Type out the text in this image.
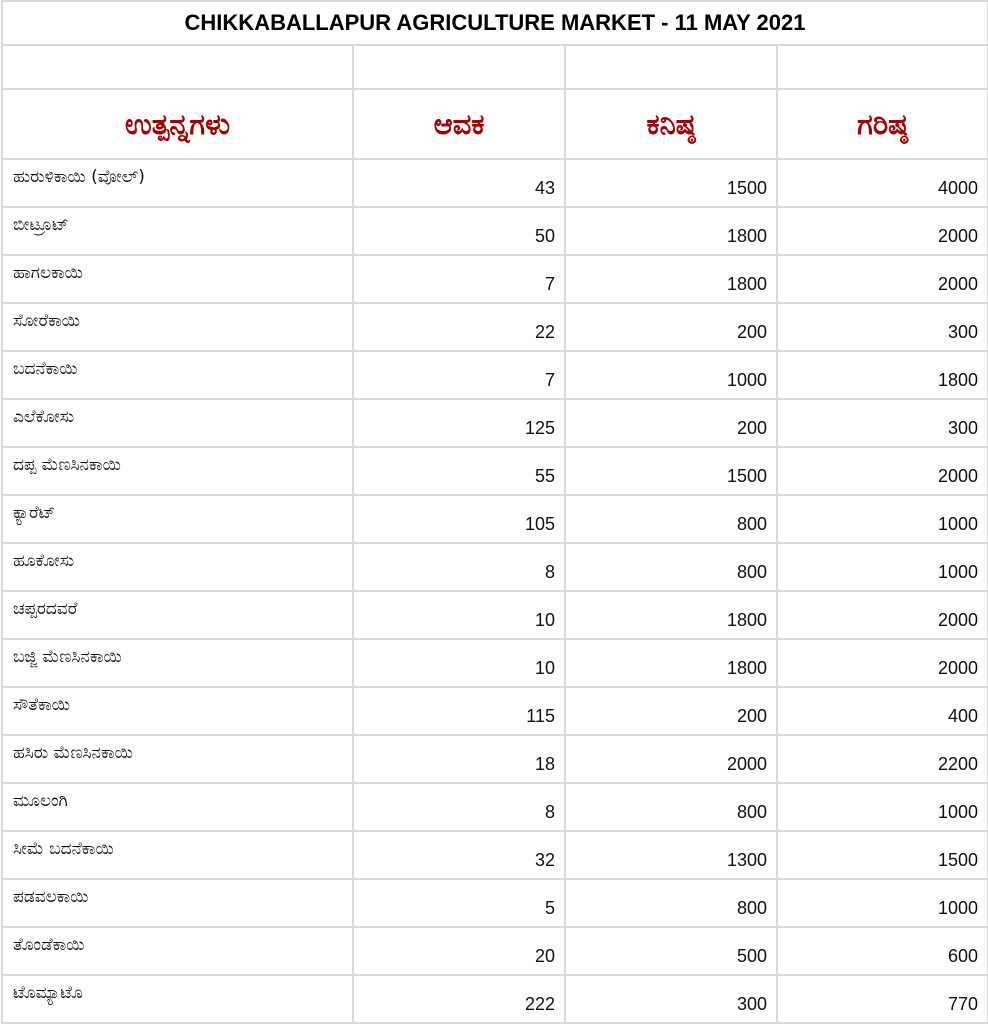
CHIKKABALLAPUR AGRICULTURE MARKET - 11 MAY 2021			

ಉತ್ಪನ್ನಗಳು	ಆವಕ	ಕನಿಷ್ಠ	ಗರಿಷ್ಠ
ಹುರುಳಿಕಾಯಿ (ವೋಲ್)	43	1500	4000
ಬೀಟ್ರೂಟ್	50	1800	2000
ಹಾಗಲಕಾಯಿ	7	1800	2000
ಸೋರೆಕಾಯಿ	22	200	300
ಬದನೆಕಾಯಿ	7	1000	1800
ಎಲೆಕೋಸು	125	200	300
ದಪ್ಪ ಮೆಣಸಿನಕಾಯಿ	55	1500	2000
ಕ್ಯಾರೆಟ್	105	800	1000
ಹೂಕೋಸು	8	800	1000
ಚಪ್ಪರದವರೆ	10	1800	2000
ಬಜ್ಜಿ ಮೆಣಸಿನಕಾಯಿ	10	1800	2000
ಸೌತೆಕಾಯಿ	115	200	400
ಹಸಿರು ಮೆಣಸಿನಕಾಯಿ	18	2000	2200
ಮೂಲಂಗಿ	8	800	1000
ಸೀಮೆ ಬದನೆಕಾಯಿ	32	1300	1500
ಪಡವಲಕಾಯಿ	5	800	1000
ತೊಂಡೆಕಾಯಿ	20	500	600
ಟೊಮ್ಯಾಟೊ	222	300	770
